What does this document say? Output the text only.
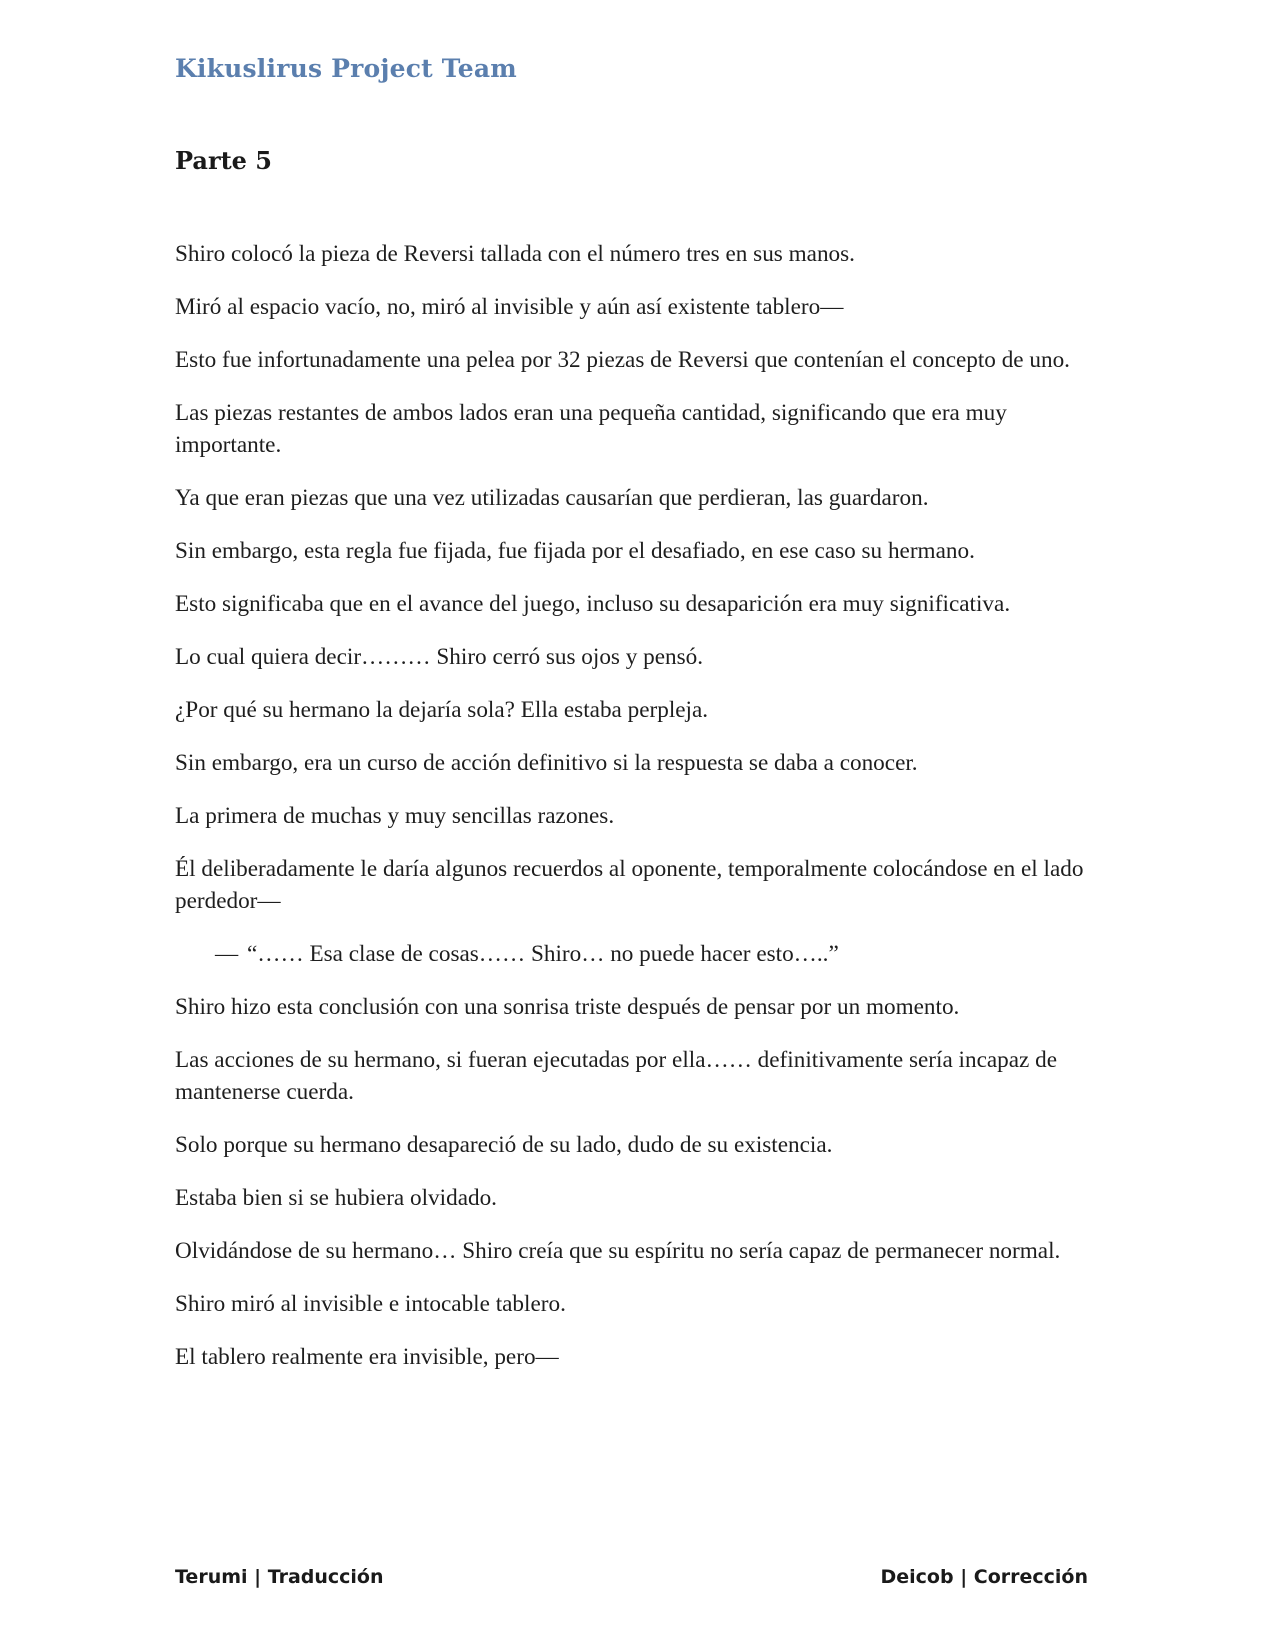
Kikuslirus Project Team
Parte 5

Shiro colocó la pieza de Reversi tallada con el número tres en sus manos.

Miró al espacio vacío, no, miró al invisible y aún así existente tablero—

Esto fue infortunadamente una pelea por 32 piezas de Reversi que contenían el concepto de uno.

Las piezas restantes de ambos lados eran una pequeña cantidad, significando que era muy importante.

Ya que eran piezas que una vez utilizadas causarían que perdieran, las guardaron.

Sin embargo, esta regla fue fijada, fue fijada por el desafiado, en ese caso su hermano.

Esto significaba que en el avance del juego, incluso su desaparición era muy significativa.

Lo cual quiera decir……… Shiro cerró sus ojos y pensó.

¿Por qué su hermano la dejaría sola? Ella estaba perpleja.

Sin embargo, era un curso de acción definitivo si la respuesta se daba a conocer.

La primera de muchas y muy sencillas razones.

Él deliberadamente le daría algunos recuerdos al oponente, temporalmente colocándose en el lado perdedor—

— “…… Esa clase de cosas…… Shiro… no puede hacer esto…..”

Shiro hizo esta conclusión con una sonrisa triste después de pensar por un momento.

Las acciones de su hermano, si fueran ejecutadas por ella…… definitivamente sería incapaz de mantenerse cuerda.

Solo porque su hermano desapareció de su lado, dudo de su existencia.

Estaba bien si se hubiera olvidado.

Olvidándose de su hermano… Shiro creía que su espíritu no sería capaz de permanecer normal.

Shiro miró al invisible e intocable tablero.

El tablero realmente era invisible, pero—

Terumi | Traducción	Deicob | Corrección
